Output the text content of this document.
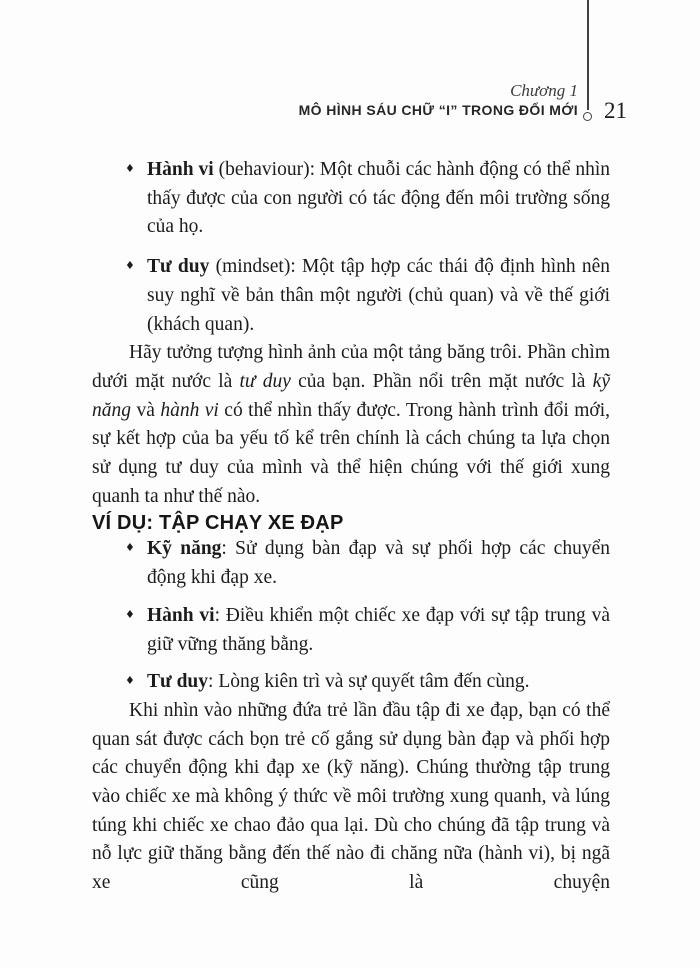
Chương 1
MÔ HÌNH SÁU CHỮ “I” TRONG ĐỔI MỚI 21
♦ Hành vi (behaviour): Một chuỗi các hành động có thể nhìn thấy được của con người có tác động đến môi trường sống của họ.
♦ Tư duy (mindset): Một tập hợp các thái độ định hình nên suy nghĩ về bản thân một người (chủ quan) và về thế giới (khách quan).

Hãy tưởng tượng hình ảnh của một tảng băng trôi. Phần chìm dưới mặt nước là tư duy của bạn. Phần nổi trên mặt nước là kỹ năng và hành vi có thể nhìn thấy được. Trong hành trình đổi mới, sự kết hợp của ba yếu tố kể trên chính là cách chúng ta lựa chọn sử dụng tư duy của mình và thể hiện chúng với thế giới xung quanh ta như thế nào.

VÍ DỤ: TẬP CHẠY XE ĐẠP
♦ Kỹ năng: Sử dụng bàn đạp và sự phối hợp các chuyển động khi đạp xe.
♦ Hành vi: Điều khiển một chiếc xe đạp với sự tập trung và giữ vững thăng bằng.
♦ Tư duy: Lòng kiên trì và sự quyết tâm đến cùng.

Khi nhìn vào những đứa trẻ lần đầu tập đi xe đạp, bạn có thể quan sát được cách bọn trẻ cố gắng sử dụng bàn đạp và phối hợp các chuyển động khi đạp xe (kỹ năng). Chúng thường tập trung vào chiếc xe mà không ý thức về môi trường xung quanh, và lúng túng khi chiếc xe chao đảo qua lại. Dù cho chúng đã tập trung và nỗ lực giữ thăng bằng đến thế nào đi chăng nữa (hành vi), bị ngã xe cũng là chuyện
